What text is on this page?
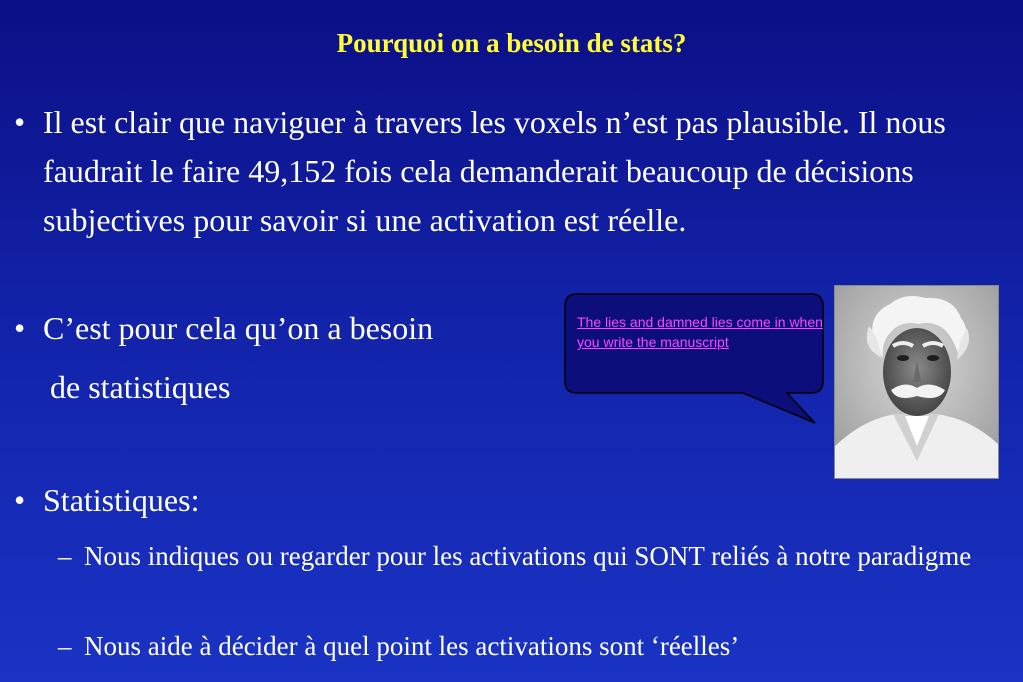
Pourquoi on a besoin de stats?
• Il est clair que naviguer à travers les voxels n’est pas plausible. Il nous faudrait le faire 49,152 fois cela demanderait beaucoup de décisions subjectives pour savoir si une activation est réelle.
• C’est pour cela qu’on a besoin
de statistiques
• Statistiques:
– Nous indiques ou regarder pour les activations qui SONT reliés à notre paradigme
– Nous aide à décider à quel point les activations sont ‘réelles’
The lies and damned lies come in when you write the manuscript
